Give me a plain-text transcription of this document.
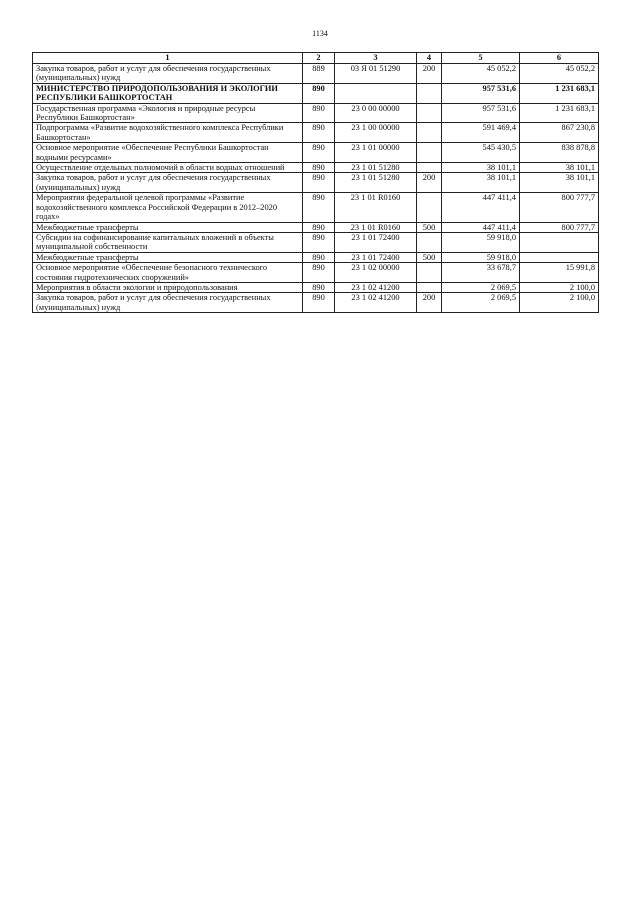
1134
1	2	3	4	5	6
Закупка товаров, работ и услуг для обеспечения государственных (муниципальных) нужд	889	03 Я 01 51290	200	45 052,2	45 052,2
МИНИСТЕРСТВО ПРИРОДОПОЛЬЗОВАНИЯ И ЭКОЛОГИИ РЕСПУБЛИКИ БАШКОРТОСТАН	890			957 531,6	1 231 683,1
Государственная программа «Экология и природные ресурсы Республики Башкортостан»	890	23 0 00 00000		957 531,6	1 231 683,1
Подпрограмма «Развитие водохозяйственного комплекса Республики Башкортостан»	890	23 1 00 00000		591 469,4	867 230,8
Основное мероприятие «Обеспечение Республики Башкортостан водными ресурсами»	890	23 1 01 00000		545 430,5	838 878,8
Осуществление отдельных полномочий в области водных отношений	890	23 1 01 51280		38 101,1	38 101,1
Закупка товаров, работ и услуг для обеспечения государственных (муниципальных) нужд	890	23 1 01 51280	200	38 101,1	38 101,1
Мероприятия федеральной целевой программы «Развитие водохозяйственного комплекса Российской Федерации в 2012–2020 годах»	890	23 1 01 R0160		447 411,4	800 777,7
Межбюджетные трансферты	890	23 1 01 R0160	500	447 411,4	800 777,7
Субсидии на софинансирование капитальных вложений в объекты муниципальной собственности	890	23 1 01 72400		59 918,0	
Межбюджетные трансферты	890	23 1 01 72400	500	59 918,0	
Основное мероприятие «Обеспечение безопасного технического состояния гидротехнических сооружений»	890	23 1 02 00000		33 678,7	15 991,8
Мероприятия в области экологии и природопользования	890	23 1 02 41200		2 069,5	2 100,0
Закупка товаров, работ и услуг для обеспечения государственных (муниципальных) нужд	890	23 1 02 41200	200	2 069,5	2 100,0
